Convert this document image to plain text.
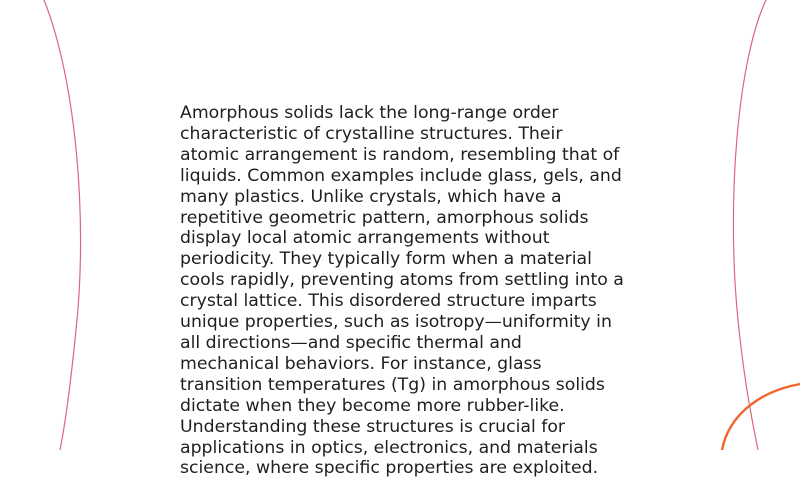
Amorphous solids lack the long-range order characteristic of crystalline structures. Their atomic arrangement is random, resembling that of liquids. Common examples include glass, gels, and many plastics. Unlike crystals, which have a repetitive geometric pattern, amorphous solids display local atomic arrangements without periodicity. They typically form when a material cools rapidly, preventing atoms from settling into a crystal lattice. This disordered structure imparts unique properties, such as isotropy—uniformity in all directions—and specific thermal and mechanical behaviors. For instance, glass transition temperatures (Tg) in amorphous solids dictate when they become more rubber-like. Understanding these structures is crucial for applications in optics, electronics, and materials science, where specific properties are exploited.
